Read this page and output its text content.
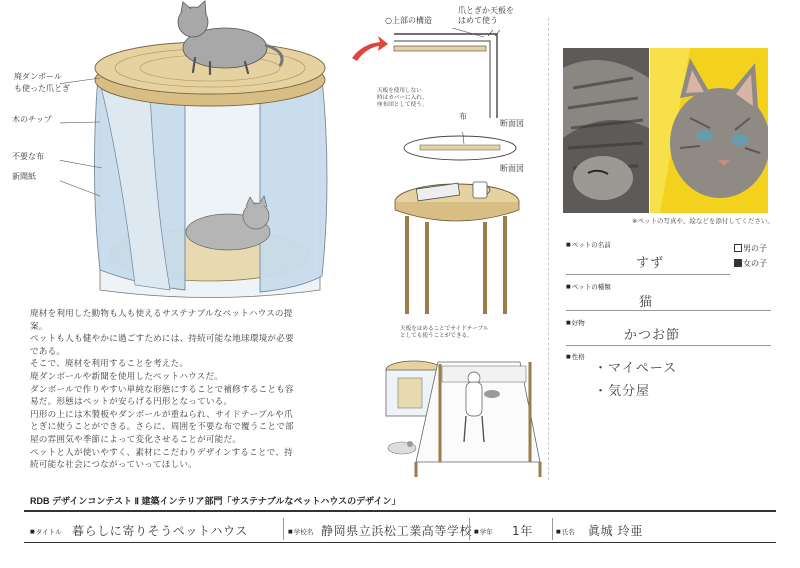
廃ダンボール
も使った爪とぎ
木のチップ
不要な布
新聞紙
○上部の構造
爪とぎか天板を
はめて使う
天板を使用しない
時はカバーに入れ、
座布団として使う。
布
断面図
断面図
天板をはめることでサイドテーブル
としても使うことができる。

廃材を利用した動物も人も使えるサステナブルなペットハウスの提

案。

ペットも人も健やかに過ごすためには、持続可能な地球環境が必要

である。

そこで、廃材を利用することを考えた。

廃ダンボールや新聞を使用したペットハウスだ。

ダンボールで作りやすい単純な形態にすることで補修することも容

易だ。形態はペットが安らげる円形となっている。

円形の上には木製板やダンボールが重ねられ、サイドテーブルや爪

とぎに使うことができる。さらに、周囲を不要な布で覆うことで部

屋の雰囲気や季節によって変化させることが可能だ。

ペットと人が使いやすく、素材にこだわりデザインすることで、持

続可能な社会につながっていってほしい。

※ペットの写真や、絵などを添付してください。
■ ペットの名前
すず
男の子
女の子
■ ペットの種類
猫
■ 好物
かつお節
■ 性格
・マイペース
・気分屋
RDB デザインコンテスト Ⅱ 建築インテリア部門「サステナブルなペットハウスのデザイン」
■ タイトル 暮らしに寄りそうペットハウス	■ 学校名 静岡県立浜松工業高等学校	■ 学年 1年	■ 氏名 眞城 玲亜
